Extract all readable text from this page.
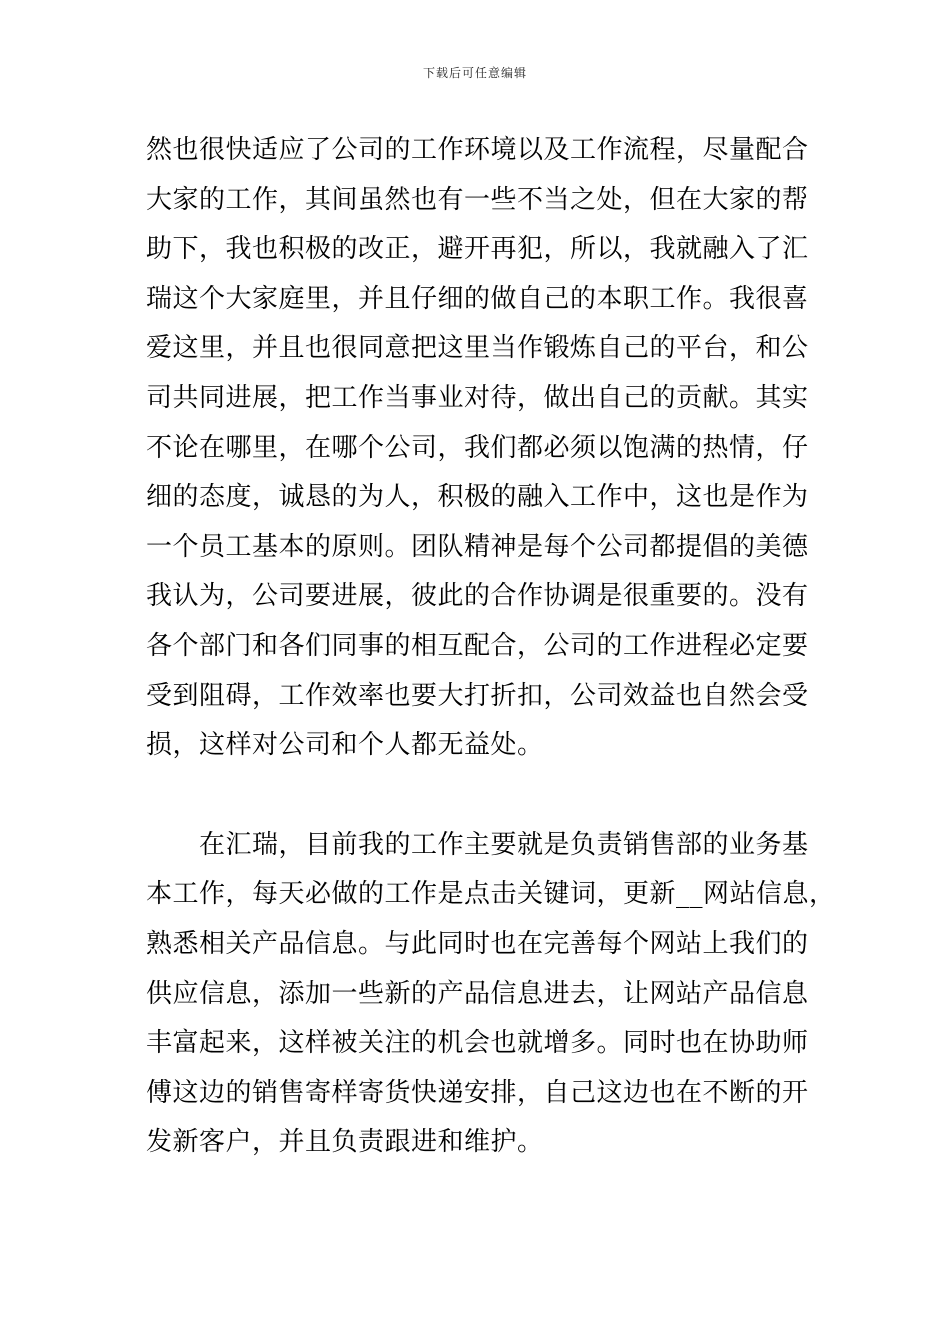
下载后可任意编辑
然也很快适应了公司的工作环境以及工作流程，尽量配合
大家的工作，其间虽然也有一些不当之处，但在大家的帮
助下，我也积极的改正，避开再犯，所以，我就融入了汇
瑞这个大家庭里，并且仔细的做自己的本职工作。我很喜
爱这里，并且也很同意把这里当作锻炼自己的平台，和公
司共同进展，把工作当事业对待，做出自己的贡献。其实
不论在哪里，在哪个公司，我们都必须以饱满的热情，仔
细的态度，诚恳的为人，积极的融入工作中，这也是作为
一个员工基本的原则。团队精神是每个公司都提倡的美德
我认为，公司要进展，彼此的合作协调是很重要的。没有
各个部门和各们同事的相互配合，公司的工作进程必定要
受到阻碍，工作效率也要大打折扣，公司效益也自然会受
损，这样对公司和个人都无益处。
　　在汇瑞，目前我的工作主要就是负责销售部的业务基
本工作，每天必做的工作是点击关键词，更新__网站信息，
熟悉相关产品信息。与此同时也在完善每个网站上我们的
供应信息，添加一些新的产品信息进去，让网站产品信息
丰富起来，这样被关注的机会也就增多。同时也在协助师
傅这边的销售寄样寄货快递安排，自己这边也在不断的开
发新客户，并且负责跟进和维护。
